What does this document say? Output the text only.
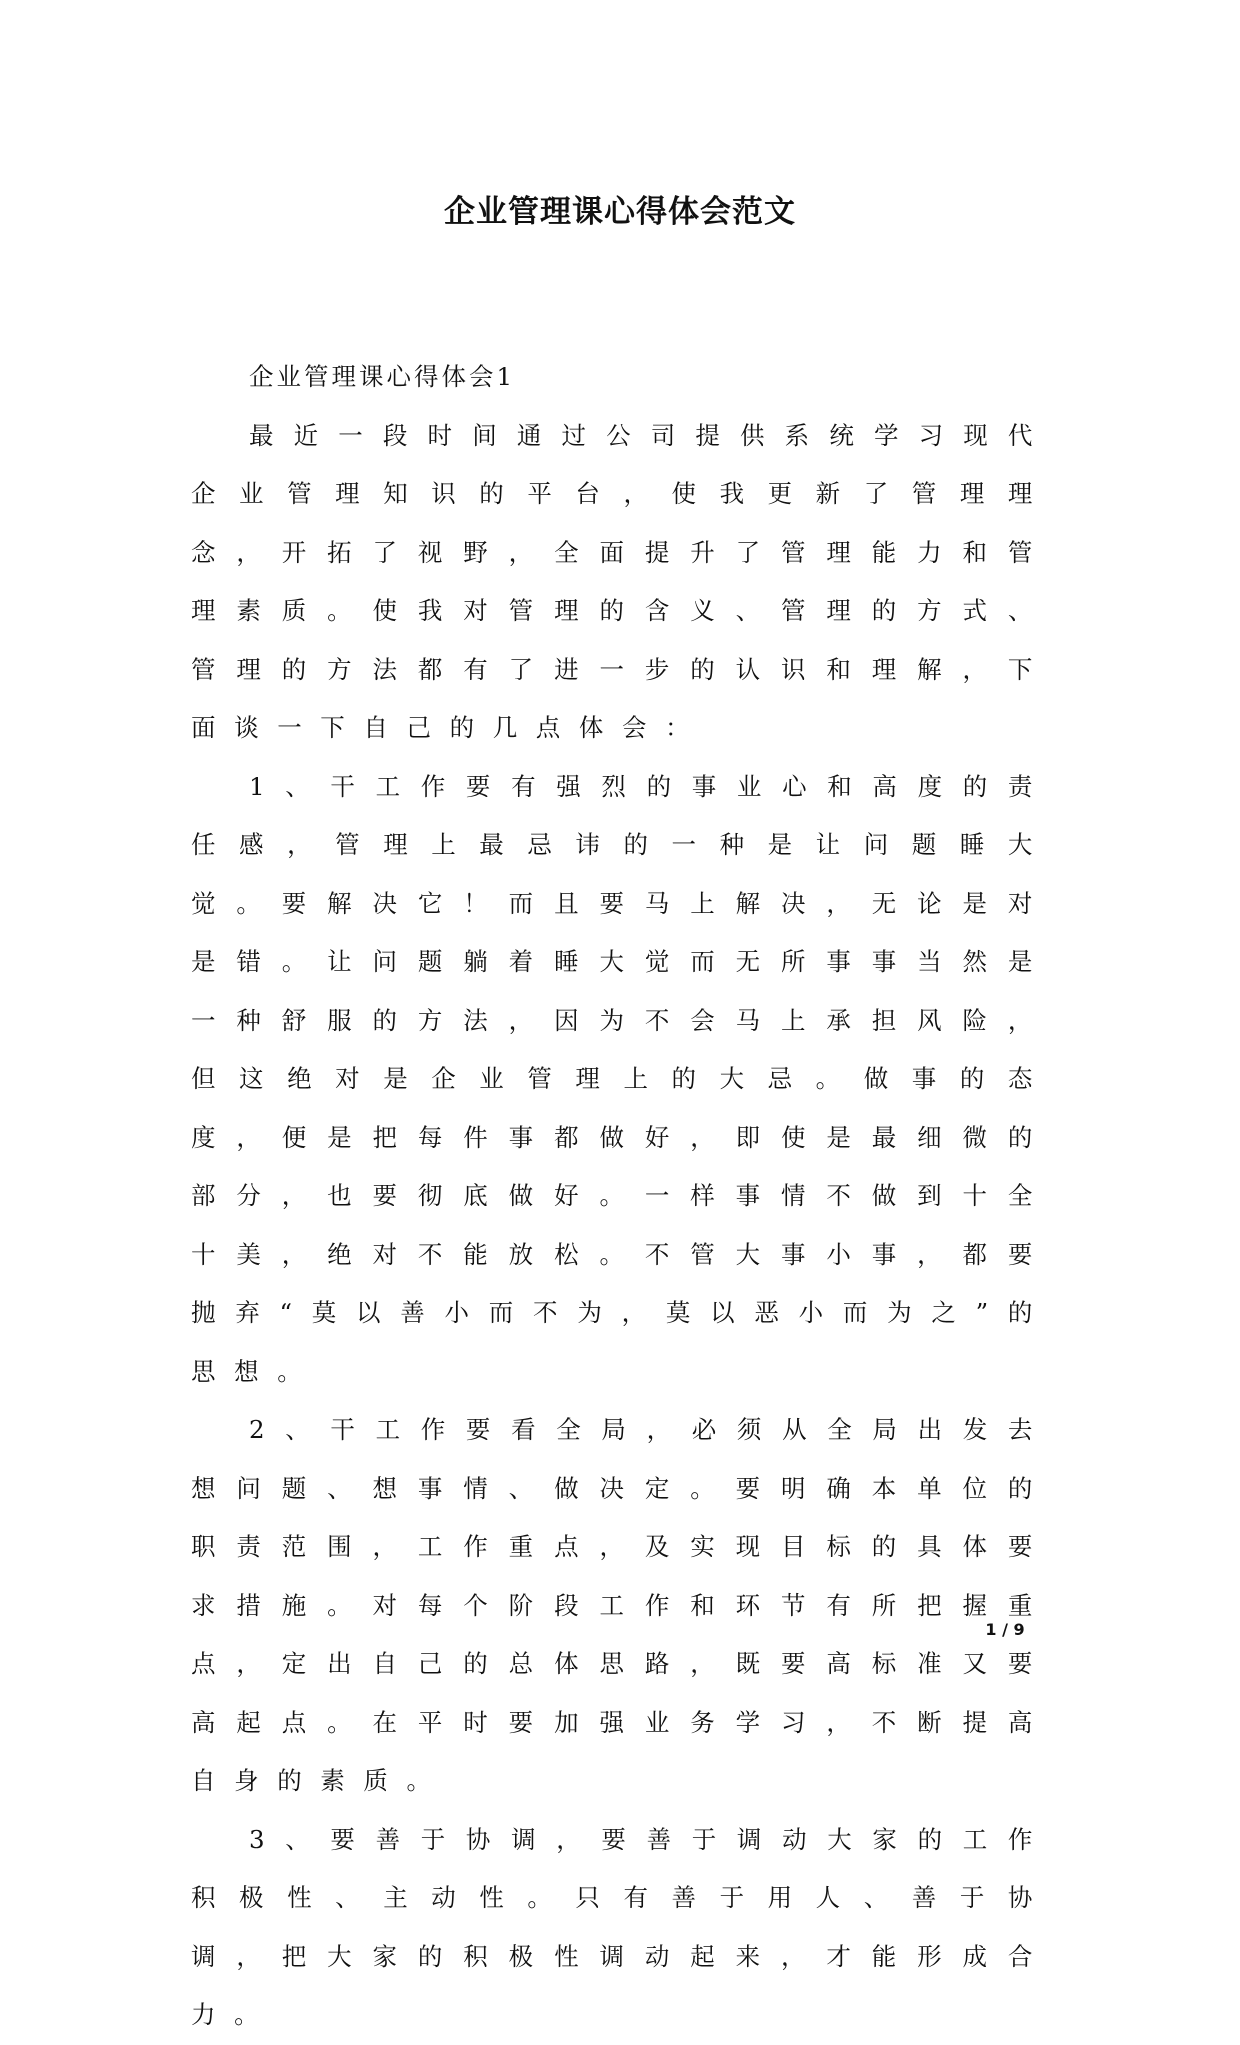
企业管理课心得体会范文

企业管理课心得体会1

最近一段时间通过公司提供系统学习现代企业管理知识的平台，使我更新了管理理念，开拓了视野，全面提升了管理能力和管理素质。使我对管理的含义、管理的方式、管理的方法都有了进一步的认识和理解，下面谈一下自己的几点体会：

1、干工作要有强烈的事业心和高度的责任感，管理上最忌讳的一种是让问题睡大觉。要解决它！而且要马上解决，无论是对是错。让问题躺着睡大觉而无所事事当然是一种舒服的方法，因为不会马上承担风险，但这绝对是企业管理上的大忌。做事的态度，便是把每件事都做好，即使是最细微的部分，也要彻底做好。一样事情不做到十全十美，绝对不能放松。不管大事小事，都要抛弃“莫以善小而不为，莫以恶小而为之”的思想。

2、干工作要看全局，必须从全局出发去想问题、想事情、做决定。要明确本单位的职责范围，工作重点，及实现目标的具体要求措施。对每个阶段工作和环节有所把握重点，定出自己的总体思路，既要高标准又要高起点。在平时要加强业务学习，不断提高自身的素质。

3、要善于协调，要善于调动大家的工作积极性、主动性。只有善于用人、善于协调，把大家的积极性调动起来，才能形成合力。

1 / 9
